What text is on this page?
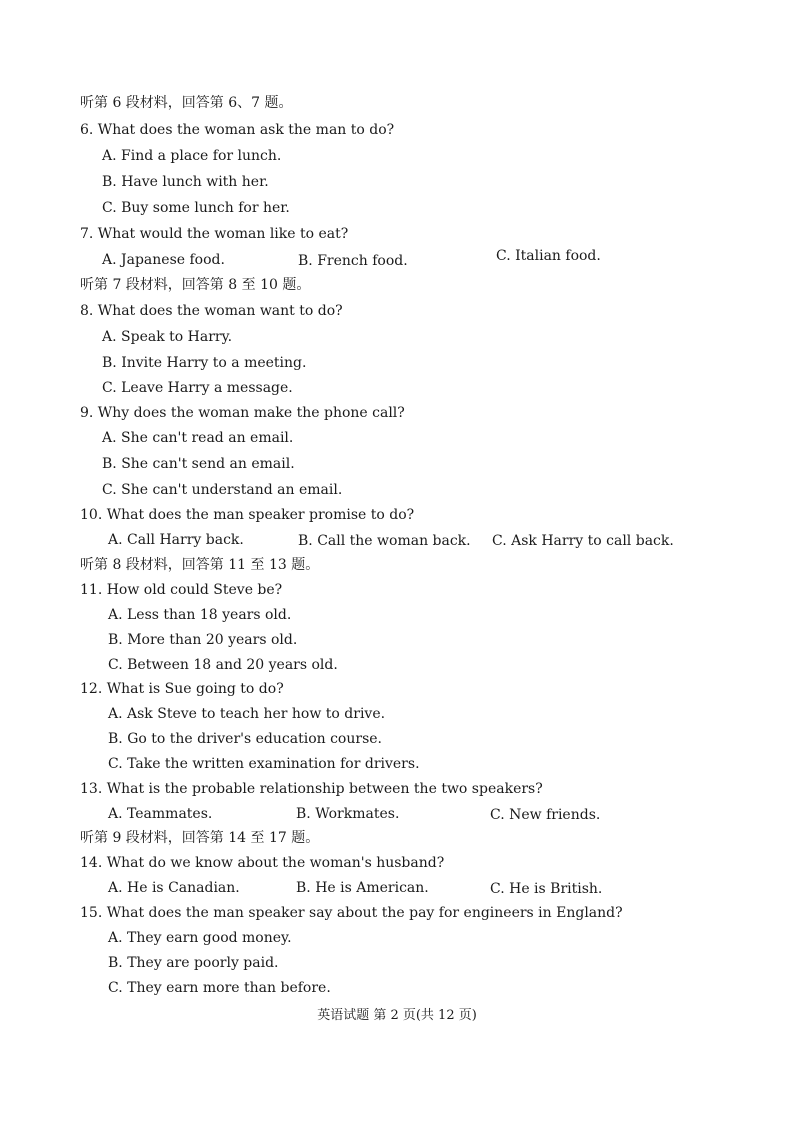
听第 6 段材料，回答第 6、7 题。
6. What does the woman ask the man to do?
A. Find a place for lunch.
B. Have lunch with her.
C. Buy some lunch for her.
7. What would the woman like to eat?
A. Japanese food.	B. French food.	C. Italian food.
听第 7 段材料，回答第 8 至 10 题。
8. What does the woman want to do?
A. Speak to Harry.
B. Invite Harry to a meeting.
C. Leave Harry a message.
9. Why does the woman make the phone call?
A. She can't read an email.
B. She can't send an email.
C. She can't understand an email.
10. What does the man speaker promise to do?
A. Call Harry back.	B. Call the woman back. C. Ask Harry to call back.
听第 8 段材料，回答第 11 至 13 题。
11. How old could Steve be?
A. Less than 18 years old.
B. More than 20 years old.
C. Between 18 and 20 years old.
12. What is Sue going to do?
A. Ask Steve to teach her how to drive.
B. Go to the driver's education course.
C. Take the written examination for drivers.
13. What is the probable relationship between the two speakers?
A. Teammates.	B. Workmates.	C. New friends.
听第 9 段材料，回答第 14 至 17 题。
14. What do we know about the woman's husband?
A. He is Canadian.	B. He is American.	C. He is British.
15. What does the man speaker say about the pay for engineers in England?
A. They earn good money.
B. They are poorly paid.
C. They earn more than before.
英语试题 第 2 页(共 12 页)
